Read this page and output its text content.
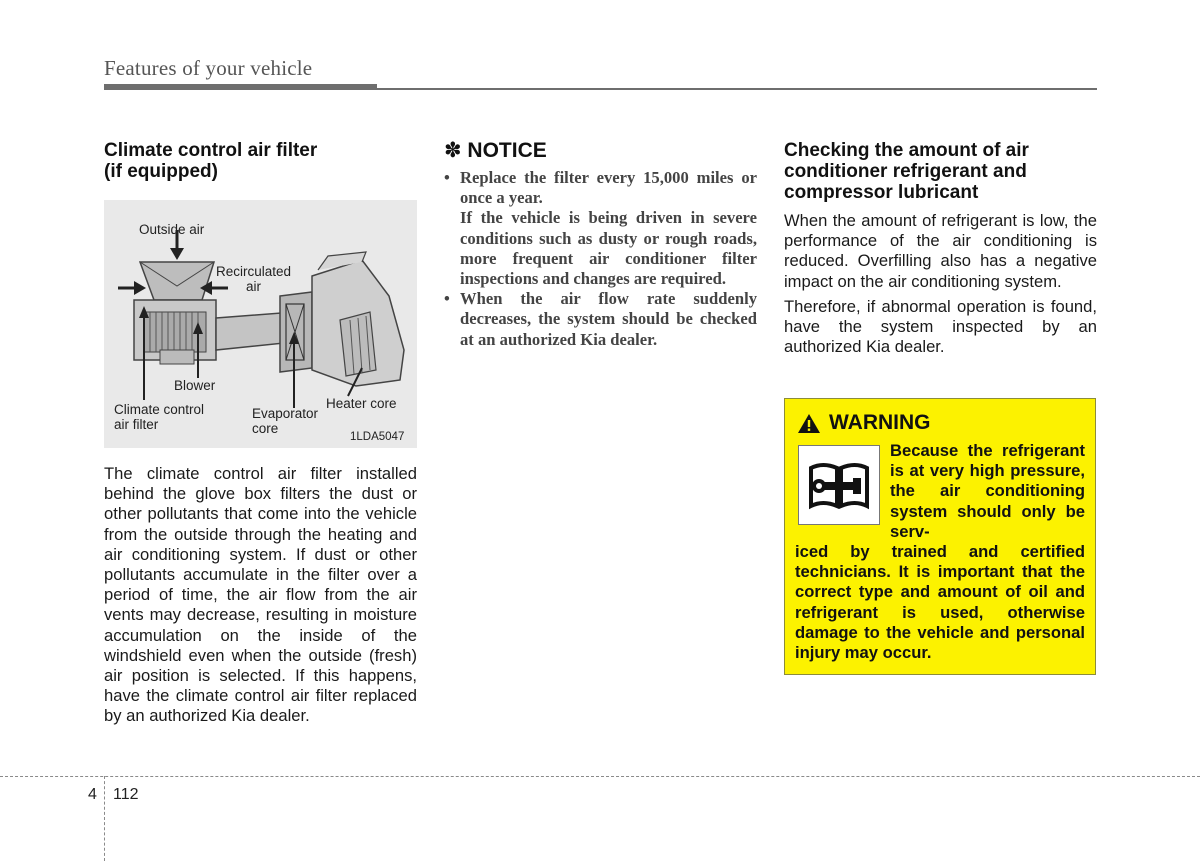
Features of your vehicle

Climate control air filter
(if equipped)

Outside air
Recirculated
air
Blower
Climate control
air filter
Evaporator
core
Heater core
1LDA5047

The climate control air filter installed behind the glove box filters the dust or other pollutants that come into the vehicle from the outside through the heating and air conditioning system. If dust or other pollutants accumulate in the filter over a period of time, the air flow from the air vents may decrease, resulting in moisture accumulation on the inside of the windshield even when the outside (fresh) air position is selected. If this happens, have the climate control air filter replaced by an authorized Kia dealer.

✽ NOTICE

• Replace the filter every 15,000 miles or once a year.
If the vehicle is being driven in severe conditions such as dusty or rough roads, more frequent air conditioner filter inspections and changes are required.
• When the air flow rate suddenly decreases, the system should be checked at an authorized Kia dealer.

Checking the amount of air
conditioner refrigerant and
compressor lubricant

When the amount of refrigerant is low, the performance of the air conditioning is reduced. Overfilling also has a negative impact on the air conditioning system.

Therefore, if abnormal operation is found, have the system inspected by an authorized Kia dealer.

WARNING
Because the refrigerant is at very high pressure, the air conditioning system should only be serv-
iced by trained and certified technicians. It is important that the correct type and amount of oil and refrigerant is used, otherwise damage to the vehicle and personal injury may occur.
4 112
